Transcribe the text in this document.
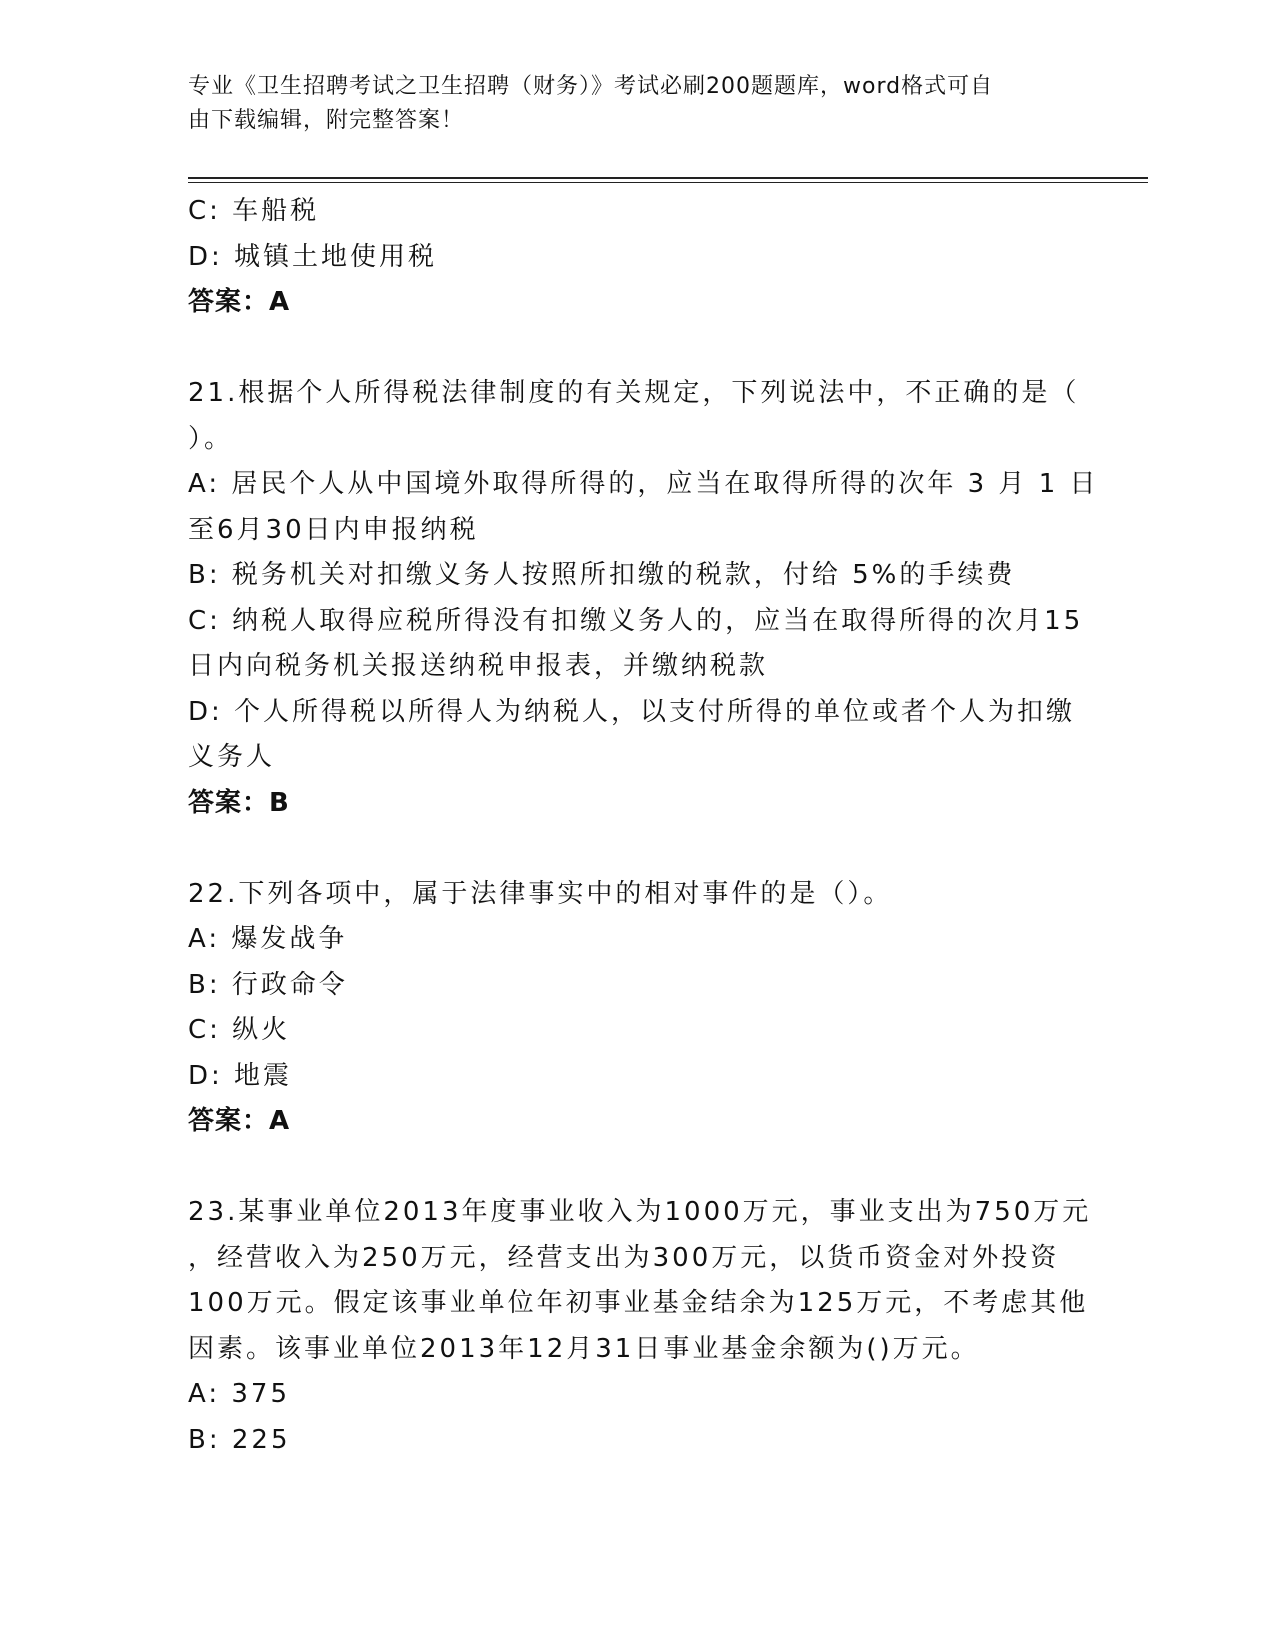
专业《卫生招聘考试之卫生招聘（财务）》考试必刷200题题库，word格式可自
由下载编辑，附完整答案！
C: 车船税
D: 城镇土地使用税
答案：A
21.根据个人所得税法律制度的有关规定，下列说法中，不正确的是（
）。
A: 居民个人从中国境外取得所得的，应当在取得所得的次年 3 月 1 日
至6月30日内申报纳税
B: 税务机关对扣缴义务人按照所扣缴的税款，付给 5%的手续费
C: 纳税人取得应税所得没有扣缴义务人的，应当在取得所得的次月15
日内向税务机关报送纳税申报表，并缴纳税款
D: 个人所得税以所得人为纳税人，以支付所得的单位或者个人为扣缴
义务人
答案：B
22.下列各项中，属于法律事实中的相对事件的是（）。
A: 爆发战争
B: 行政命令
C: 纵火
D: 地震
答案：A
23.某事业单位2013年度事业收入为1000万元，事业支出为750万元
，经营收入为250万元，经营支出为300万元，以货币资金对外投资
100万元。假定该事业单位年初事业基金结余为125万元，不考虑其他
因素。该事业单位2013年12月31日事业基金余额为()万元。
A: 375
B: 225
